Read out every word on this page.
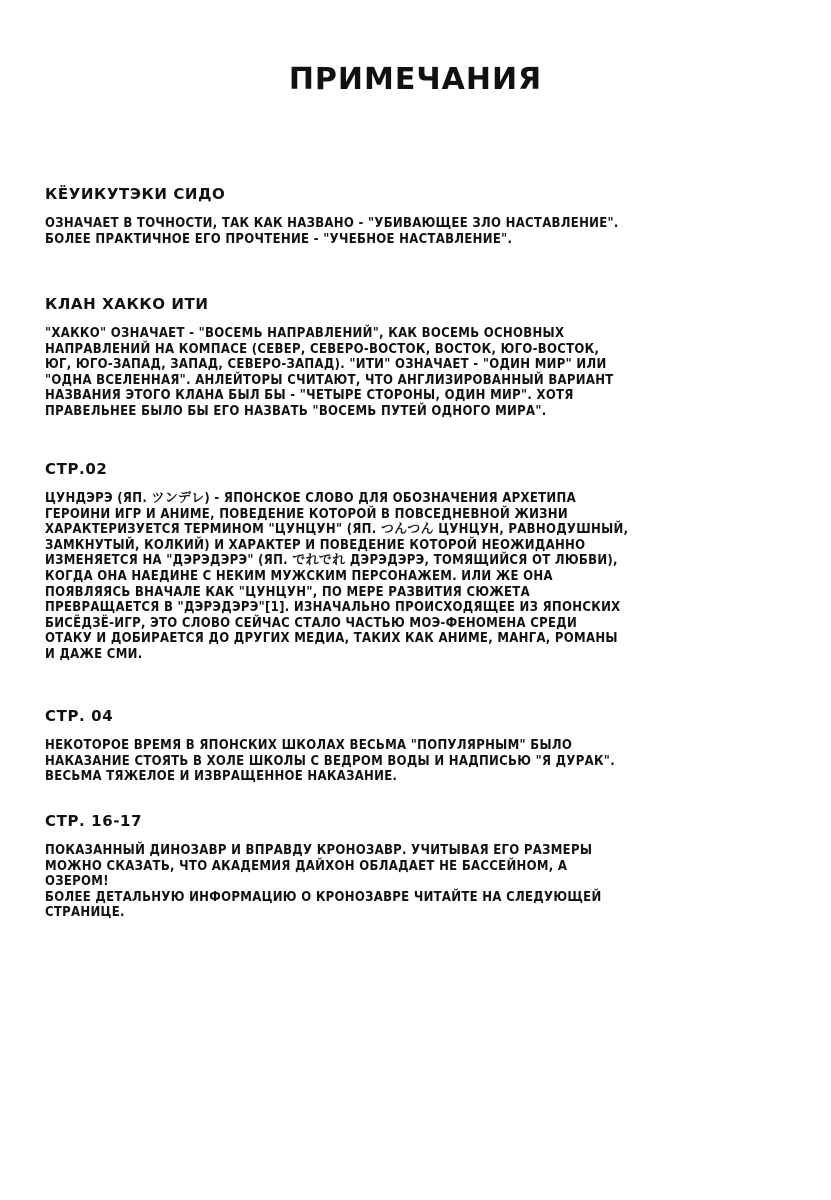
ПРИМЕЧАНИЯ
КЁУИКУТЭКИ СИДО
ОЗНАЧАЕТ В ТОЧНОСТИ, ТАК КАК НАЗВАНО - "УБИВАЮЩЕЕ ЗЛО НАСТАВЛЕНИЕ".
БОЛЕЕ ПРАКТИЧНОЕ ЕГО ПРОЧТЕНИЕ - "УЧЕБНОЕ НАСТАВЛЕНИЕ".
КЛАН ХАККО ИТИ
"ХАККО" ОЗНАЧАЕТ - "ВОСЕМЬ НАПРАВЛЕНИЙ", КАК ВОСЕМЬ ОСНОВНЫХ
НАПРАВЛЕНИЙ НА КОМПАСЕ (СЕВЕР, СЕВЕРО-ВОСТОК, ВОСТОК, ЮГО-ВОСТОК,
ЮГ, ЮГО-ЗАПАД, ЗАПАД, СЕВЕРО-ЗАПАД). "ИТИ" ОЗНАЧАЕТ - "ОДИН МИР" ИЛИ
"ОДНА ВСЕЛЕННАЯ". АНЛЕЙТОРЫ СЧИТАЮТ, ЧТО АНГЛИЗИРОВАННЫЙ ВАРИАНТ
НАЗВАНИЯ ЭТОГО КЛАНА БЫЛ БЫ - "ЧЕТЫРЕ СТОРОНЫ, ОДИН МИР". ХОТЯ
ПРАВЕЛЬНЕЕ БЫЛО БЫ ЕГО НАЗВАТЬ "ВОСЕМЬ ПУТЕЙ ОДНОГО МИРА".
СТР.02
ЦУНДЭРЭ (ЯП. ツンデレ) - ЯПОНСКОЕ СЛОВО ДЛЯ ОБОЗНАЧЕНИЯ АРХЕТИПА
ГЕРОИНИ ИГР И АНИМЕ, ПОВЕДЕНИЕ КОТОРОЙ В ПОВСЕДНЕВНОЙ ЖИЗНИ
ХАРАКТЕРИЗУЕТСЯ ТЕРМИНОМ "ЦУНЦУН" (ЯП. つんつん ЦУНЦУН, РАВНОДУШНЫЙ,
ЗАМКНУТЫЙ, КОЛКИЙ) И ХАРАКТЕР И ПОВЕДЕНИЕ КОТОРОЙ НЕОЖИДАННО
ИЗМЕНЯЕТСЯ НА "ДЭРЭДЭРЭ" (ЯП. でれでれ ДЭРЭДЭРЭ, ТОМЯЩИЙСЯ ОТ ЛЮБВИ),
КОГДА ОНА НАЕДИНЕ С НЕКИМ МУЖСКИМ ПЕРСОНАЖЕМ. ИЛИ ЖЕ ОНА
ПОЯВЛЯЯСЬ ВНАЧАЛЕ КАК "ЦУНЦУН", ПО МЕРЕ РАЗВИТИЯ СЮЖЕТА
ПРЕВРАЩАЕТСЯ В "ДЭРЭДЭРЭ"[1]. ИЗНАЧАЛЬНО ПРОИСХОДЯЩЕЕ ИЗ ЯПОНСКИХ
БИСЁДЗЁ-ИГР, ЭТО СЛОВО СЕЙЧАС СТАЛО ЧАСТЬЮ МОЭ-ФЕНОМЕНА СРЕДИ
ОТАКУ И ДОБИРАЕТСЯ ДО ДРУГИХ МЕДИА, ТАКИХ КАК АНИМЕ, МАНГА, РОМАНЫ
И ДАЖЕ СМИ.
СТР. 04
НЕКОТОРОЕ ВРЕМЯ В ЯПОНСКИХ ШКОЛАХ ВЕСЬМА "ПОПУЛЯРНЫМ" БЫЛО
НАКАЗАНИЕ СТОЯТЬ В ХОЛЕ ШКОЛЫ С ВЕДРОМ ВОДЫ И НАДПИСЬЮ "Я ДУРАК".
ВЕСЬМА ТЯЖЕЛОЕ И ИЗВРАЩЕННОЕ НАКАЗАНИЕ.
СТР. 16-17
ПОКАЗАННЫЙ ДИНОЗАВР И ВПРАВДУ КРОНОЗАВР. УЧИТЫВАЯ ЕГО РАЗМЕРЫ
МОЖНО СКАЗАТЬ, ЧТО АКАДЕМИЯ ДАЙХОН ОБЛАДАЕТ НЕ БАССЕЙНОМ, А
ОЗЕРОМ!
БОЛЕЕ ДЕТАЛЬНУЮ ИНФОРМАЦИЮ О КРОНОЗАВРЕ ЧИТАЙТЕ НА СЛЕДУЮЩЕЙ
СТРАНИЦЕ.
